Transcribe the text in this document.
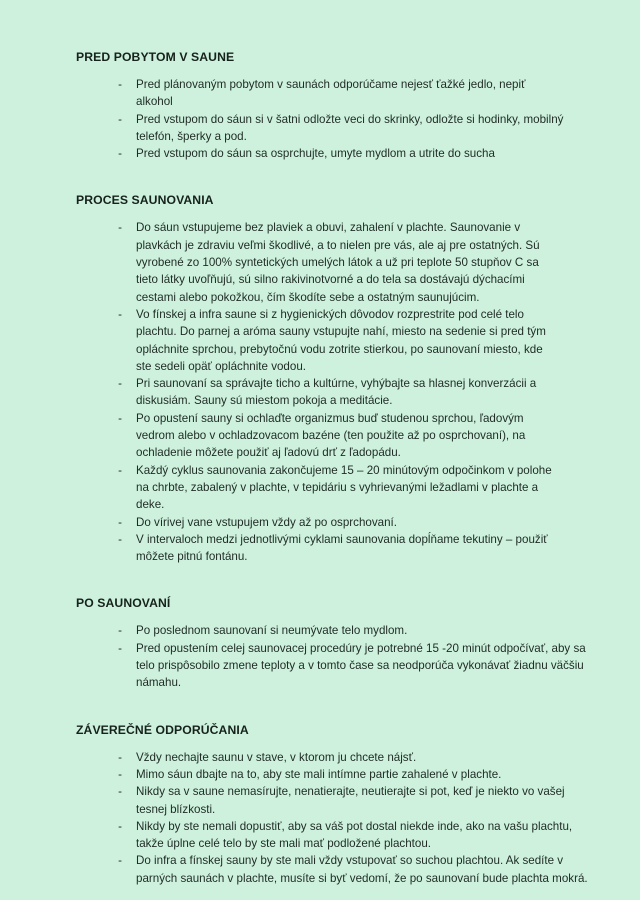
PRED POBYTOM V SAUNE
- Pred plánovaným pobytom v saunách odporúčame nejesť ťažké jedlo, nepiť alkohol
- Pred vstupom do sáun si v šatni odložte veci do skrinky, odložte si hodinky, mobilný telefón, šperky a pod.
- Pred vstupom do sáun sa osprchujte, umyte mydlom a utrite do sucha
PROCES SAUNOVANIA
- Do sáun vstupujeme bez plaviek a obuvi, zahalení v plachte. Saunovanie v plavkách je zdraviu veľmi škodlivé, a to nielen pre vás, ale aj pre ostatných. Sú vyrobené zo 100% syntetických umelých látok a už pri teplote 50 stupňov C sa tieto látky uvoľňujú, sú silno rakivinotvorné a do tela sa dostávajú dýchacími cestami alebo pokožkou, čím škodíte sebe a ostatným saunujúcim.
- Vo fínskej a infra saune si z hygienických dôvodov rozprestrite pod celé telo plachtu. Do parnej a aróma sauny vstupujte nahí, miesto na sedenie si pred tým opláchnite sprchou, prebytočnú vodu zotrite stierkou, po saunovaní miesto, kde ste sedeli opäť opláchnite vodou.
- Pri saunovaní sa správajte ticho a kultúrne, vyhýbajte sa hlasnej konverzácii a diskusiám. Sauny sú miestom pokoja a meditácie.
- Po opustení sauny si ochlaďte organizmus buď studenou sprchou, ľadovým vedrom alebo v ochladzovacom bazéne (ten použite až po osprchovaní), na ochladenie môžete použiť aj ľadovú drť z ľadopádu.
- Každý cyklus saunovania zakončujeme 15 – 20 minútovým odpočinkom v polohe na chrbte, zabalený v plachte, v tepidáriu s vyhrievanými ležadlami v plachte a deke.
- Do vírivej vane vstupujem vždy až po osprchovaní.
- V intervaloch medzi jednotlivými cyklami saunovania dopĺňame tekutiny – použiť môžete pitnú fontánu.
PO SAUNOVANÍ
- Po poslednom saunovaní si neumývate telo mydlom.
- Pred opustením celej saunovacej procedúry je potrebné 15 -20 minút odpočívať, aby sa telo prispôsobilo zmene teploty a v tomto čase sa neodporúča vykonávať žiadnu väčšiu námahu.
ZÁVEREČNÉ ODPORÚČANIA
- Vždy nechajte saunu v stave, v ktorom ju chcete nájsť.
- Mimo sáun dbajte na to, aby ste mali intímne partie zahalené v plachte.
- Nikdy sa v saune nemasírujte, nenatierajte, neutierajte si pot, keď je niekto vo vašej tesnej blízkosti.
- Nikdy by ste nemali dopustiť, aby sa váš pot dostal niekde inde, ako na vašu plachtu, takže úplne celé telo by ste mali mať podložené plachtou.
- Do infra a fínskej sauny by ste mali vždy vstupovať so suchou plachtou. Ak sedíte v parných saunách v plachte, musíte si byť vedomí, že po saunovaní bude plachta mokrá.
